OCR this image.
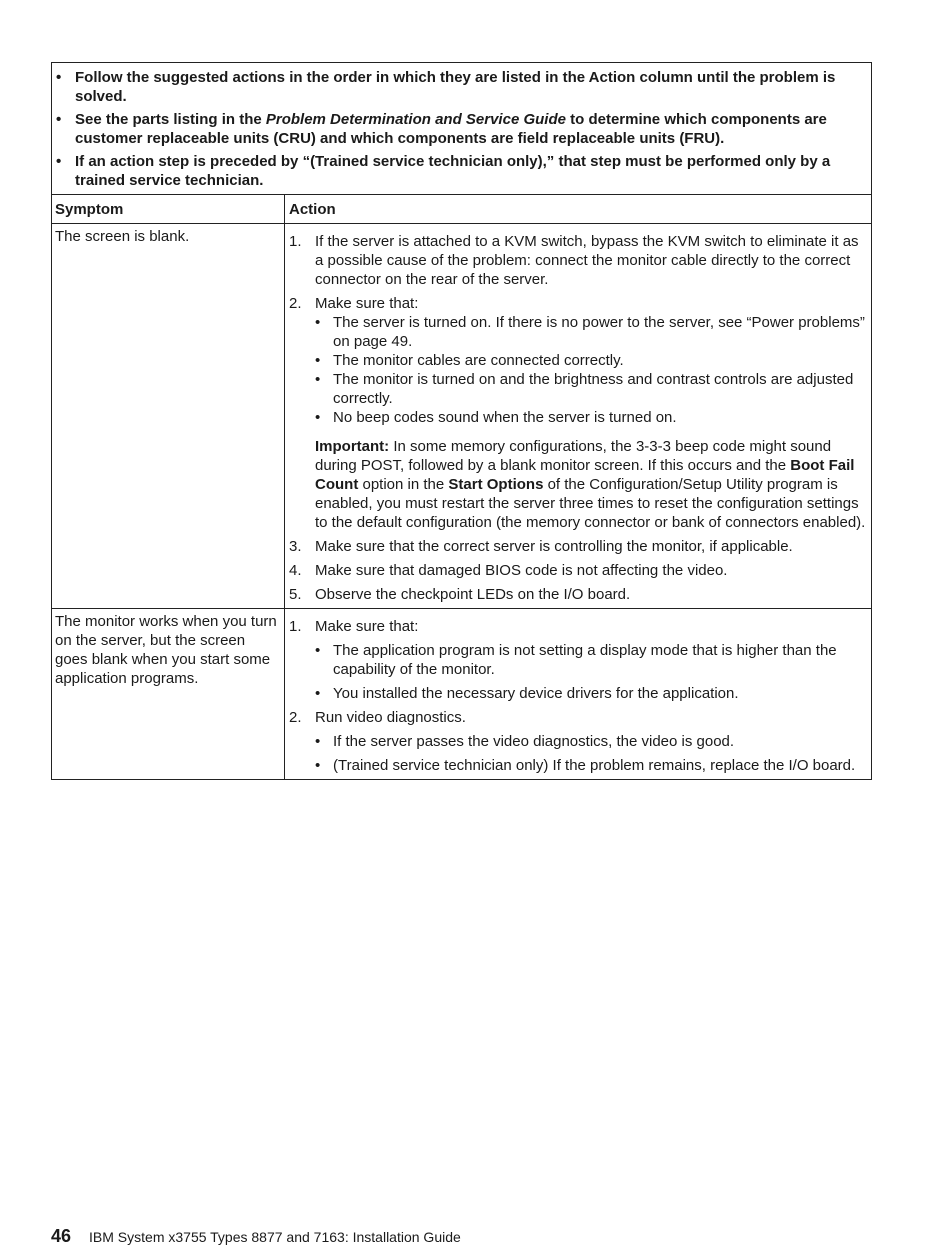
• Follow the suggested actions in the order in which they are listed in the Action column until the problem is solved.
• See the parts listing in the Problem Determination and Service Guide to determine which components are customer replaceable units (CRU) and which components are field replaceable units (FRU).
• If an action step is preceded by “(Trained service technician only),” that step must be performed only by a trained service technician.
Symptom	Action
The screen is blank.	1. If the server is attached to a KVM switch, bypass the KVM switch to eliminate it as a possible cause of the problem: connect the monitor cable directly to the correct connector on the rear of the server.
2. Make sure that:
• The server is turned on. If there is no power to the server, see “Power problems” on page 49.
• The monitor cables are connected correctly.
• The monitor is turned on and the brightness and contrast controls are adjusted correctly.
• No beep codes sound when the server is turned on.
Important: In some memory configurations, the 3-3-3 beep code might sound during POST, followed by a blank monitor screen. If this occurs and the Boot Fail Count option in the Start Options of the Configuration/Setup Utility program is enabled, you must restart the server three times to reset the configuration settings to the default configuration (the memory connector or bank of connectors enabled).
3. Make sure that the correct server is controlling the monitor, if applicable.
4. Make sure that damaged BIOS code is not affecting the video.
5. Observe the checkpoint LEDs on the I/O board.
The monitor works when you turn on the server, but the screen goes blank when you start some application programs.
1. Make sure that:
• The application program is not setting a display mode that is higher than the capability of the monitor.
• You installed the necessary device drivers for the application.
2. Run video diagnostics.
• If the server passes the video diagnostics, the video is good.
• (Trained service technician only) If the problem remains, replace the I/O board.
46 IBM System x3755 Types 8877 and 7163: Installation Guide
